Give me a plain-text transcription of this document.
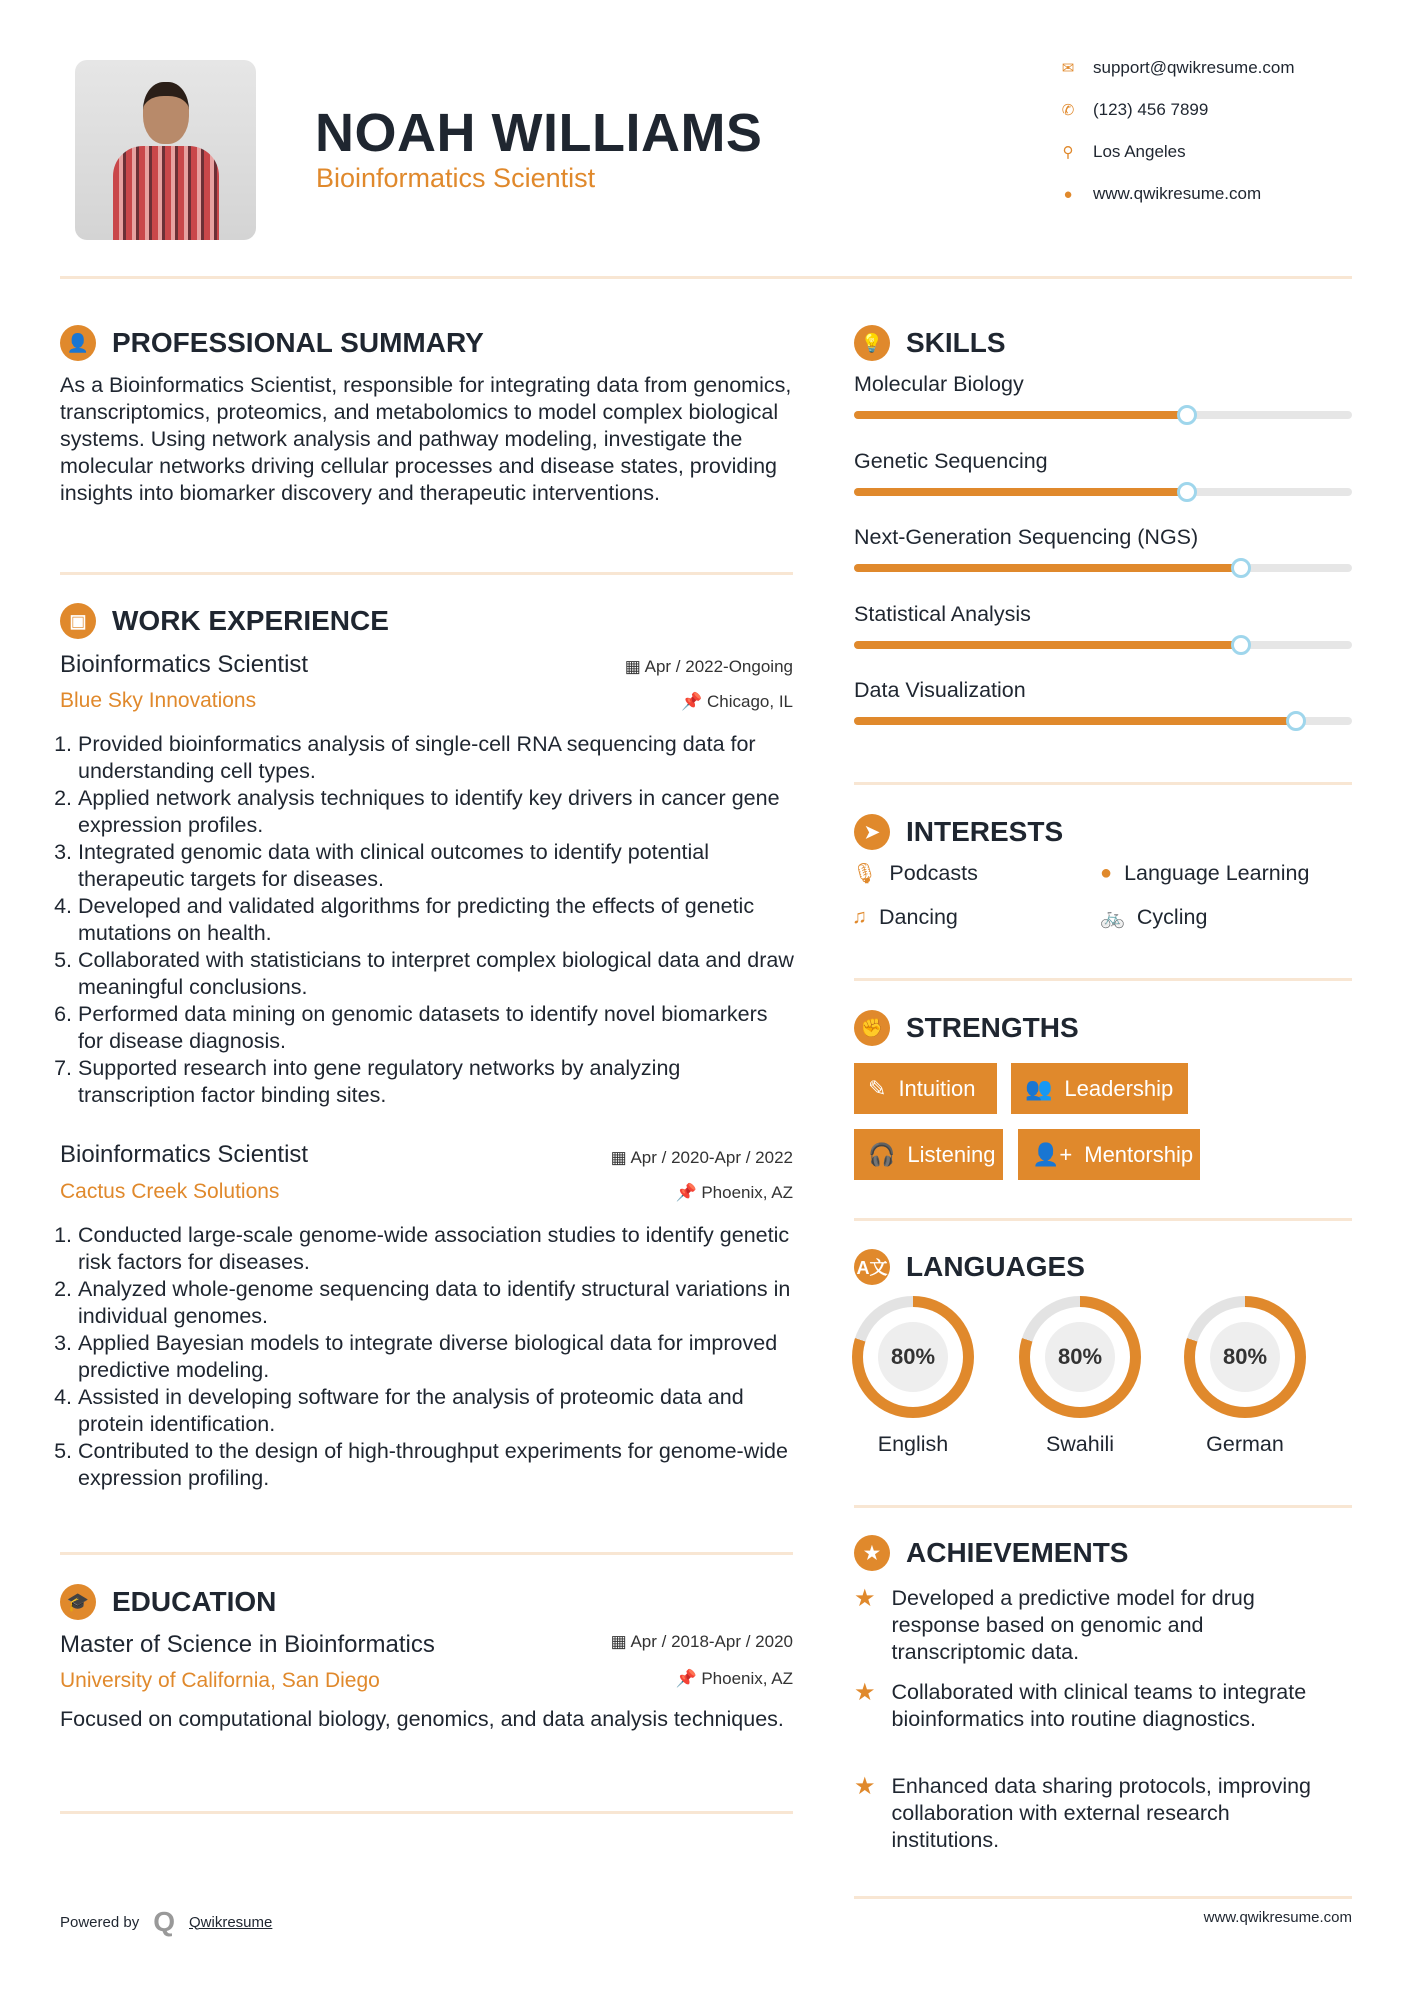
NOAH WILLIAMS
Bioinformatics Scientist
✉ support@qwikresume.com
✆ (123) 456 7899
⚲	Los Angeles
●	www.qwikresume.com
👤 PROFESSIONAL SUMMARY
As a Bioinformatics Scientist, responsible for integrating data from genomics, transcriptomics, proteomics, and metabolomics to model complex biological systems. Using network analysis and pathway modeling, investigate the molecular networks driving cellular processes and disease states, providing insights into biomarker discovery and therapeutic interventions.
▣ WORK EXPERIENCE
Bioinformatics Scientist	▦ Apr / 2022-Ongoing
Blue Sky Innovations	📌 Chicago, IL
1. Provided bioinformatics analysis of single-cell RNA sequencing data for understanding cell types.
2. Applied network analysis techniques to identify key drivers in cancer gene expression profiles.
3. Integrated genomic data with clinical outcomes to identify potential therapeutic targets for diseases.
4. Developed and validated algorithms for predicting the effects of genetic mutations on health.
5. Collaborated with statisticians to interpret complex biological data and draw meaningful conclusions.
6. Performed data mining on genomic datasets to identify novel biomarkers for disease diagnosis.
7. Supported research into gene regulatory networks by analyzing transcription factor binding sites.
Bioinformatics Scientist	▦ Apr / 2020-Apr / 2022
Cactus Creek Solutions	📌 Phoenix, AZ
1. Conducted large-scale genome-wide association studies to identify genetic risk factors for diseases.
2. Analyzed whole-genome sequencing data to identify structural variations in individual genomes.
3. Applied Bayesian models to integrate diverse biological data for improved predictive modeling.
4. Assisted in developing software for the analysis of proteomic data and protein identification.
5. Contributed to the design of high-throughput experiments for genome-wide expression profiling.
🎓 EDUCATION
Master of Science in Bioinformatics	▦ Apr / 2018-Apr / 2020
University of California, San Diego	📌 Phoenix, AZ
Focused on computational biology, genomics, and data analysis techniques.
💡 SKILLS
Molecular Biology
Genetic Sequencing
Next-Generation Sequencing (NGS)
Statistical Analysis
Data Visualization
➤ INTERESTS
🎙 Podcasts	● Language Learning
♫ Dancing	🚲 Cycling
✊ STRENGTHS
✎ Intuition 👥 Leadership
🎧 Listening 👤+ Mentorship
A文 LANGUAGES
80%
English
80%
Swahili
80%
German
★ ACHIEVEMENTS
★ Developed a predictive model for drug response based on genomic and transcriptomic data.
★ Collaborated with clinical teams to integrate bioinformatics into routine diagnostics.
★ Enhanced data sharing protocols, improving collaboration with external research institutions.
Powered by Q Qwikresume	www.qwikresume.com
